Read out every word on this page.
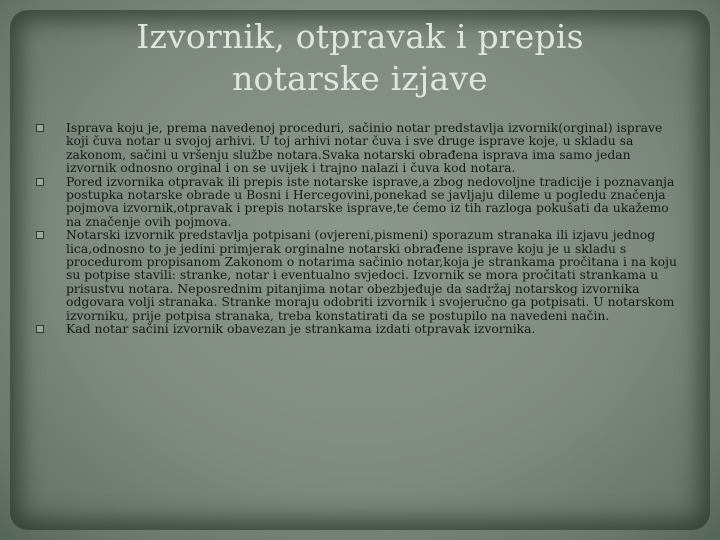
Izvornik, otpravak i prepis
notarske izjave

Isprava koju je, prema navedenoj proceduri, sačinio notar predstavlja izvornik(orginal) isprave koji čuva notar u svojoj arhivi. U toj arhivi notar čuva i sve druge isprave koje, u skladu sa zakonom, sačini u vršenju službe notara.Svaka notarski obrađena isprava ima samo jedan izvornik odnosno orginal i on se uvijek i trajno nalazi i čuva kod notara.

Pored izvornika otpravak ili prepis iste notarske isprave,a zbog nedovoljne tradicije i poznavanja postupka notarske obrade u Bosni i Hercegovini,ponekad se javljaju dileme u pogledu značenja pojmova izvornik,otpravak i prepis notarske isprave,te ćemo iz tih razloga pokušati da ukažemo na značenje ovih pojmova.

Notarski izvornik predstavlja potpisani (ovjereni,pismeni) sporazum stranaka ili izjavu jednog lica,odnosno to je jedini primjerak orginalne notarski obrađene isprave koju je u skladu s procedurom propisanom Zakonom o notarima sačinio notar,koja je strankama pročitana i na koju su potpise stavili: stranke, notar i eventualno svjedoci. Izvornik se mora pročitati strankama u prisustvu notara. Neposrednim pitanjima notar obezbjeđuje da sadržaj notarskog izvornika odgovara volji stranaka. Stranke moraju odobriti izvornik i svojeručno ga potpisati. U notarskom izvorniku, prije potpisa stranaka, treba konstatirati da se postupilo na navedeni način.

Kad notar sačini izvornik obavezan je strankama izdati otpravak izvornika.
